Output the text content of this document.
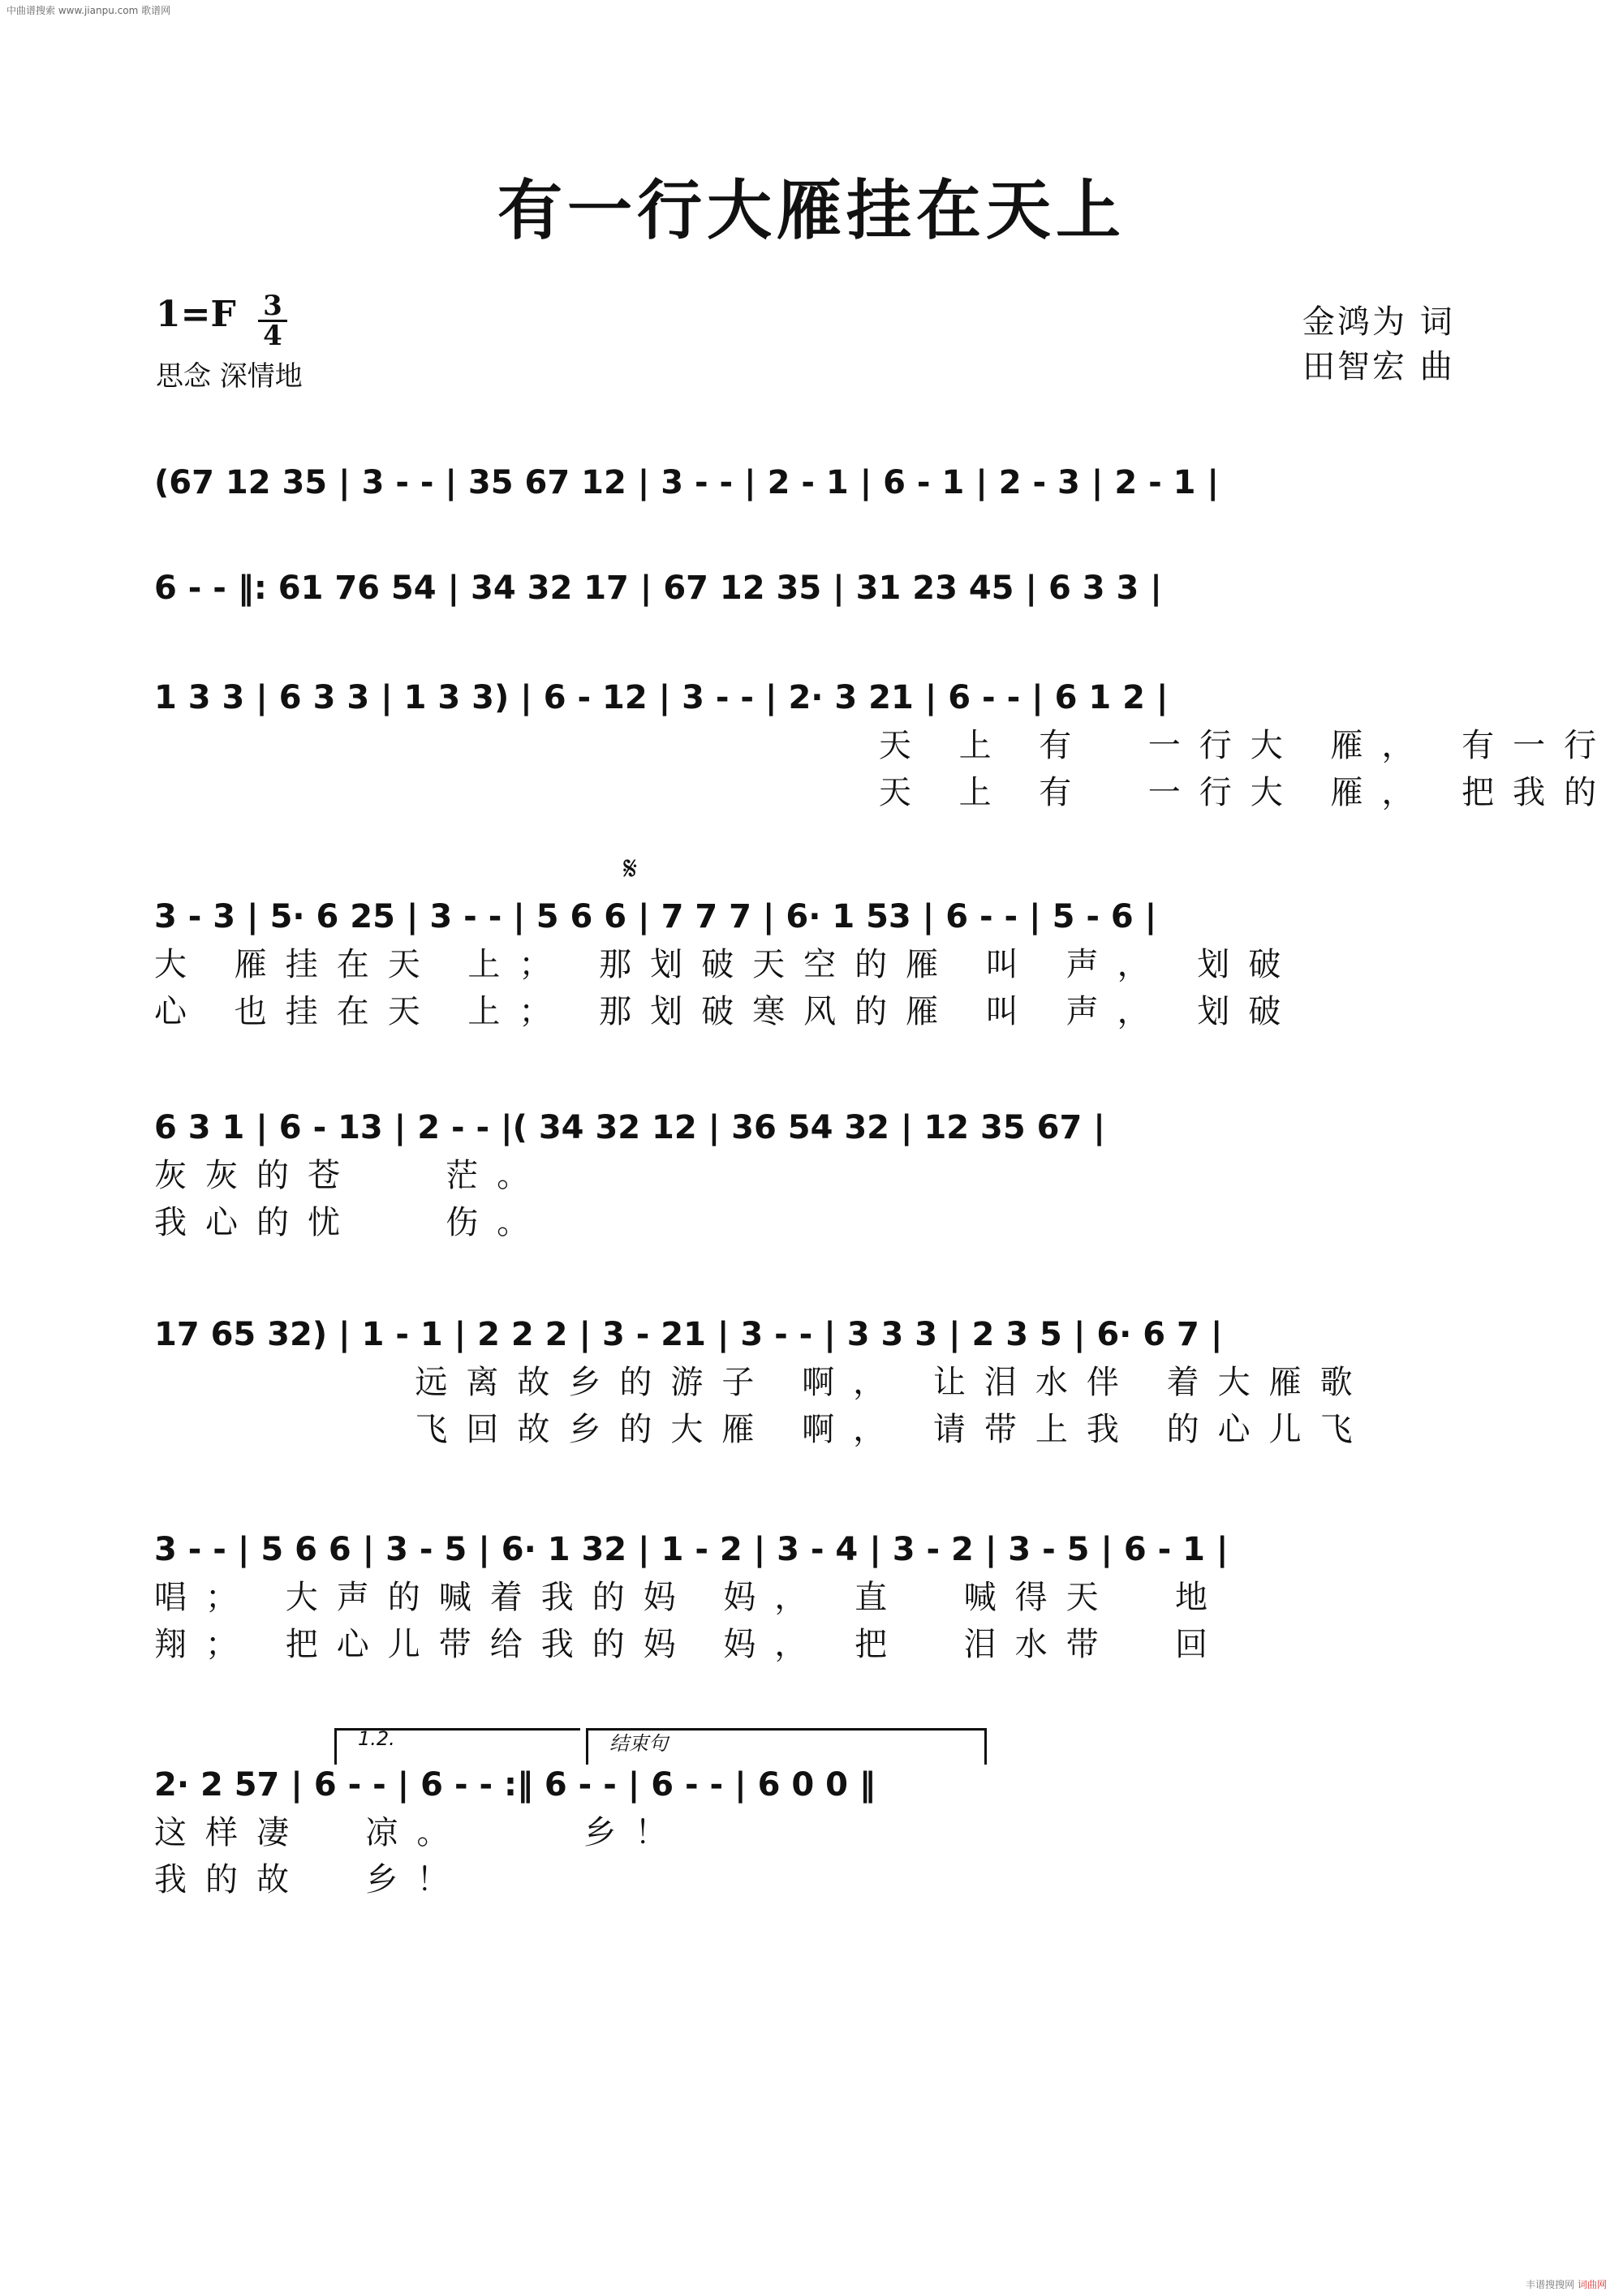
中曲谱搜索 www.jianpu.com 歌谱网
有一行大雁挂在天上
1=F 3
4
思念 深情地
金鸿为 词
田智宏 曲
(67 12 35 | 3 - - | 35 67 12 | 3 - - | 2 - 1 | 6 - 1 | 2 - 3 | 2 - 1 |
6 - - ‖: 61 76 54 | 34 32 17 | 67 12 35 | 31 23 45 | 6 3 3 |
1 3 3 | 6 3 3 | 1 3 3) | 6 - 12 | 3 - - | 2· 3 21 | 6 - - | 6 1 2 |
天 上 有  一行大 雁， 有一行
天 上 有  一行大 雁， 把我的
𝄋
3 - 3 | 5· 6 25 | 3 - - | 5 6 6 | 7 7 7 | 6· 1 53 | 6 - - | 5 - 6 |
大 雁挂在天 上； 那划破天空的雁 叫 声， 划破
心 也挂在天 上； 那划破寒风的雁 叫 声， 划破
6 3 1 | 6 - 13 | 2 - - |( 34 32 12 | 36 54 32 | 12 35 67 |
灰灰的苍   茫。
我心的忧   伤。
17 65 32) | 1 - 1 | 2 2 2 | 3 - 21 | 3 - - | 3 3 3 | 2 3 5 | 6· 6 7 |
远离故乡的游子 啊， 让泪水伴 着大雁歌
飞回故乡的大雁 啊， 请带上我 的心儿飞
3 - - | 5 6 6 | 3 - 5 | 6· 1 32 | 1 - 2 | 3 - 4 | 3 - 2 | 3 - 5 | 6 - 1 |
唱； 大声的喊着我的妈 妈， 直  喊得天  地
翔； 把心儿带给我的妈 妈， 把  泪水带  回
1.2.	结束句
2· 2 57 | 6 - - | 6 - - :‖ 6 - - | 6 - - | 6 0 0 ‖
这样凄  凉。    乡！
我的故  乡！
丰谱搜搜网 词曲网
